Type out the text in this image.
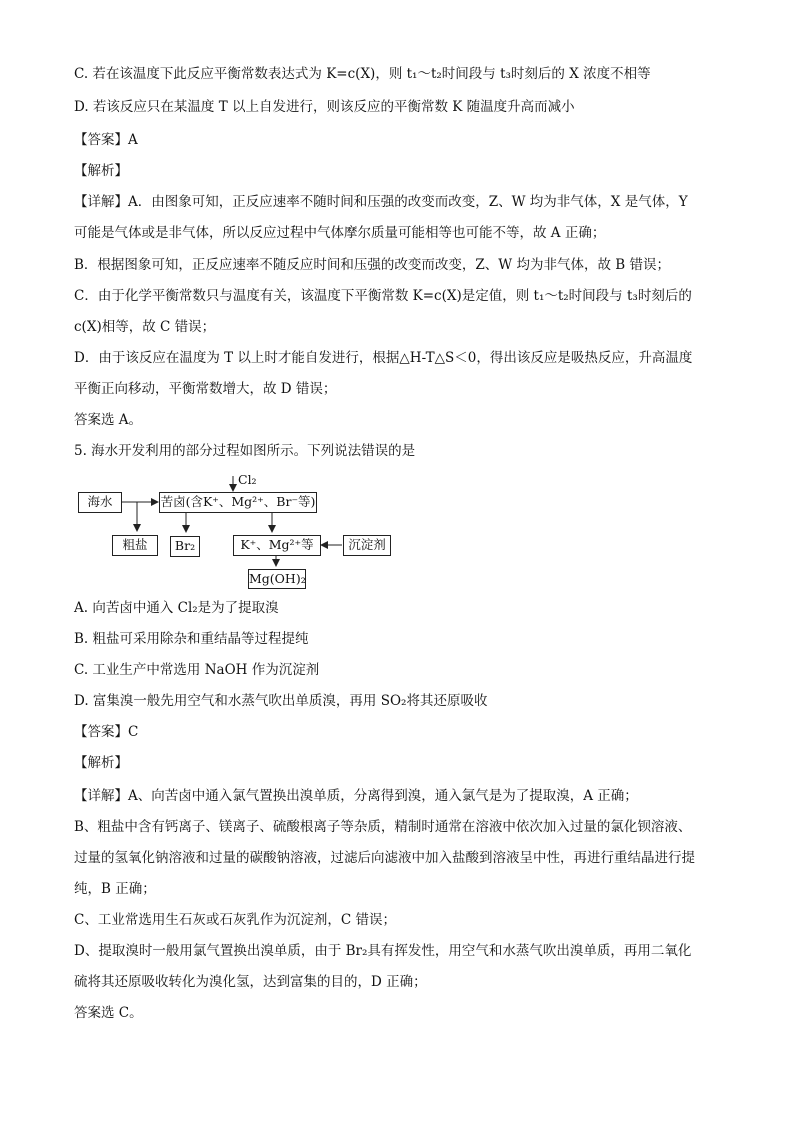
C. 若在该温度下此反应平衡常数表达式为 K=c(X)，则 t₁～t₂时间段与 t₃时刻后的 X 浓度不相等
D. 若该反应只在某温度 T 以上自发进行，则该反应的平衡常数 K 随温度升高而减小
【答案】A
【解析】
【详解】A．由图象可知，正反应速率不随时间和压强的改变而改变，Z、W 均为非气体，X 是气体，Y
可能是气体或是非气体，所以反应过程中气体摩尔质量可能相等也可能不等，故 A 正确；
B．根据图象可知，正反应速率不随反应时间和压强的改变而改变，Z、W 均为非气体，故 B 错误；
C．由于化学平衡常数只与温度有关，该温度下平衡常数 K=c(X)是定值，则 t₁～t₂时间段与 t₃时刻后的
c(X)相等，故 C 错误；
D．由于该反应在温度为 T 以上时才能自发进行，根据△H-T△S＜0，得出该反应是吸热反应，升高温度
平衡正向移动，平衡常数增大，故 D 错误；
答案选 A。
5. 海水开发利用的部分过程如图所示。下列说法错误的是
Cl₂
海水	苦卤(含K⁺、Mg²⁺、Br⁻等)
粗盐	Br₂	K⁺、Mg²⁺等	沉淀剂
Mg(OH)₂
A. 向苦卤中通入 Cl₂是为了提取溴
B. 粗盐可采用除杂和重结晶等过程提纯
C. 工业生产中常选用 NaOH 作为沉淀剂
D. 富集溴一般先用空气和水蒸气吹出单质溴，再用 SO₂将其还原吸收
【答案】C
【解析】
【详解】A、向苦卤中通入氯气置换出溴单质，分离得到溴，通入氯气是为了提取溴，A 正确；
B、粗盐中含有钙离子、镁离子、硫酸根离子等杂质，精制时通常在溶液中依次加入过量的氯化钡溶液、
过量的氢氧化钠溶液和过量的碳酸钠溶液，过滤后向滤液中加入盐酸到溶液呈中性，再进行重结晶进行提
纯，B 正确；
C、工业常选用生石灰或石灰乳作为沉淀剂，C 错误；
D、提取溴时一般用氯气置换出溴单质，由于 Br₂具有挥发性，用空气和水蒸气吹出溴单质，再用二氧化
硫将其还原吸收转化为溴化氢，达到富集的目的，D 正确；
答案选 C。
